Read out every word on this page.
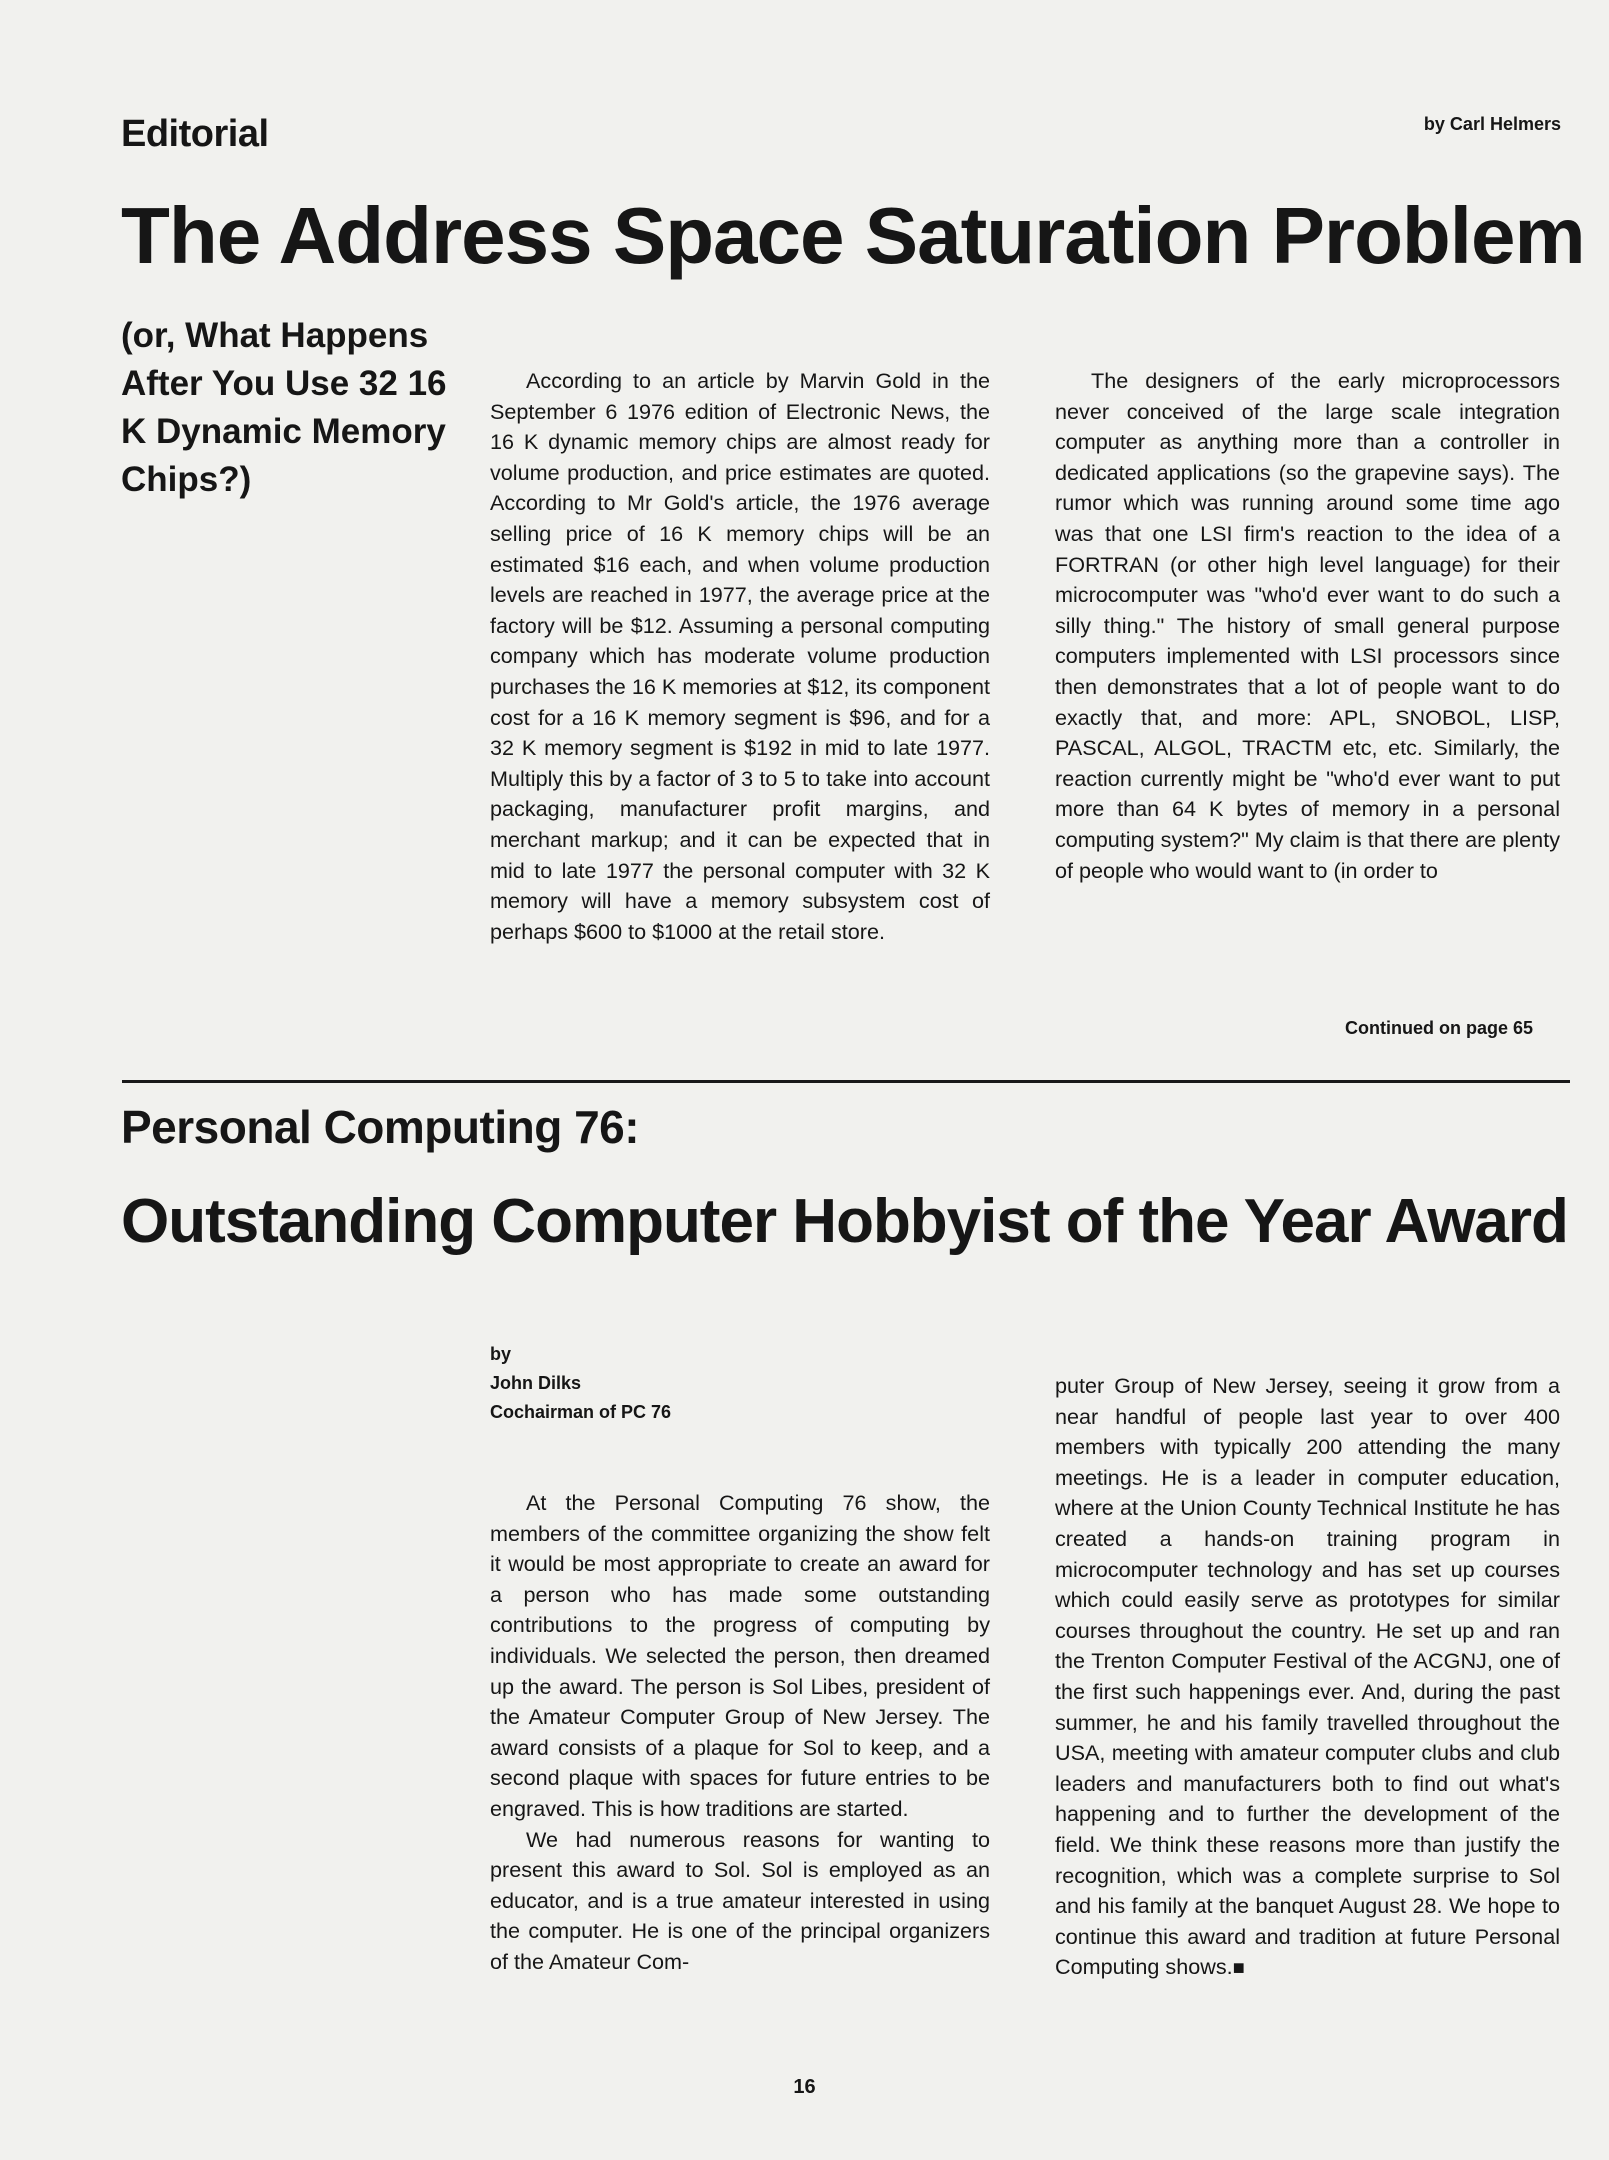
Editorial	by Carl Helmers
The Address Space Saturation Problem
(or, What Happens After You Use 32 16 K Dynamic Memory Chips?)

According to an article by Marvin Gold in the September 6 1976 edition of Electronic News, the 16 K dynamic memory chips are almost ready for volume production, and price estimates are quoted. According to Mr Gold's article, the 1976 average selling price of 16 K memory chips will be an estimated $16 each, and when volume production levels are reached in 1977, the average price at the factory will be $12. Assuming a personal computing company which has moderate volume production purchases the 16 K memories at $12, its component cost for a 16 K memory segment is $96, and for a 32 K memory segment is $192 in mid to late 1977. Multiply this by a factor of 3 to 5 to take into account packaging, manufacturer profit margins, and merchant markup; and it can be expected that in mid to late 1977 the personal computer with 32 K memory will have a memory subsystem cost of perhaps $600 to $1000 at the retail store.

The designers of the early microprocessors never conceived of the large scale integration computer as anything more than a controller in dedicated applications (so the grapevine says). The rumor which was running around some time ago was that one LSI firm's reaction to the idea of a FORTRAN (or other high level language) for their microcomputer was "who'd ever want to do such a silly thing." The history of small general purpose computers implemented with LSI processors since then demonstrates that a lot of people want to do exactly that, and more: APL, SNOBOL, LISP, PASCAL, ALGOL, TRACTM etc, etc. Similarly, the reaction currently might be "who'd ever want to put more than 64 K bytes of memory in a personal computing system?" My claim is that there are plenty of people who would want to (in order to

Continued on page 65
Personal Computing 76:
Outstanding Computer Hobbyist of the Year Award
by
John Dilks
Cochairman of PC 76

At the Personal Computing 76 show, the members of the committee organizing the show felt it would be most appropriate to create an award for a person who has made some outstanding contributions to the progress of computing by individuals. We selected the person, then dreamed up the award. The person is Sol Libes, president of the Amateur Computer Group of New Jersey. The award consists of a plaque for Sol to keep, and a second plaque with spaces for future entries to be engraved. This is how traditions are started.

We had numerous reasons for wanting to present this award to Sol. Sol is employed as an educator, and is a true amateur interested in using the computer. He is one of the principal organizers of the Amateur Com-

puter Group of New Jersey, seeing it grow from a near handful of people last year to over 400 members with typically 200 attending the many meetings. He is a leader in computer education, where at the Union County Technical Institute he has created a hands-on training program in microcomputer technology and has set up courses which could easily serve as prototypes for similar courses throughout the country. He set up and ran the Trenton Computer Festival of the ACGNJ, one of the first such happenings ever. And, during the past summer, he and his family travelled throughout the USA, meeting with amateur computer clubs and club leaders and manufacturers both to find out what's happening and to further the development of the field. We think these reasons more than justify the recognition, which was a complete surprise to Sol and his family at the banquet August 28. We hope to continue this award and tradition at future Personal Computing shows.■

16
